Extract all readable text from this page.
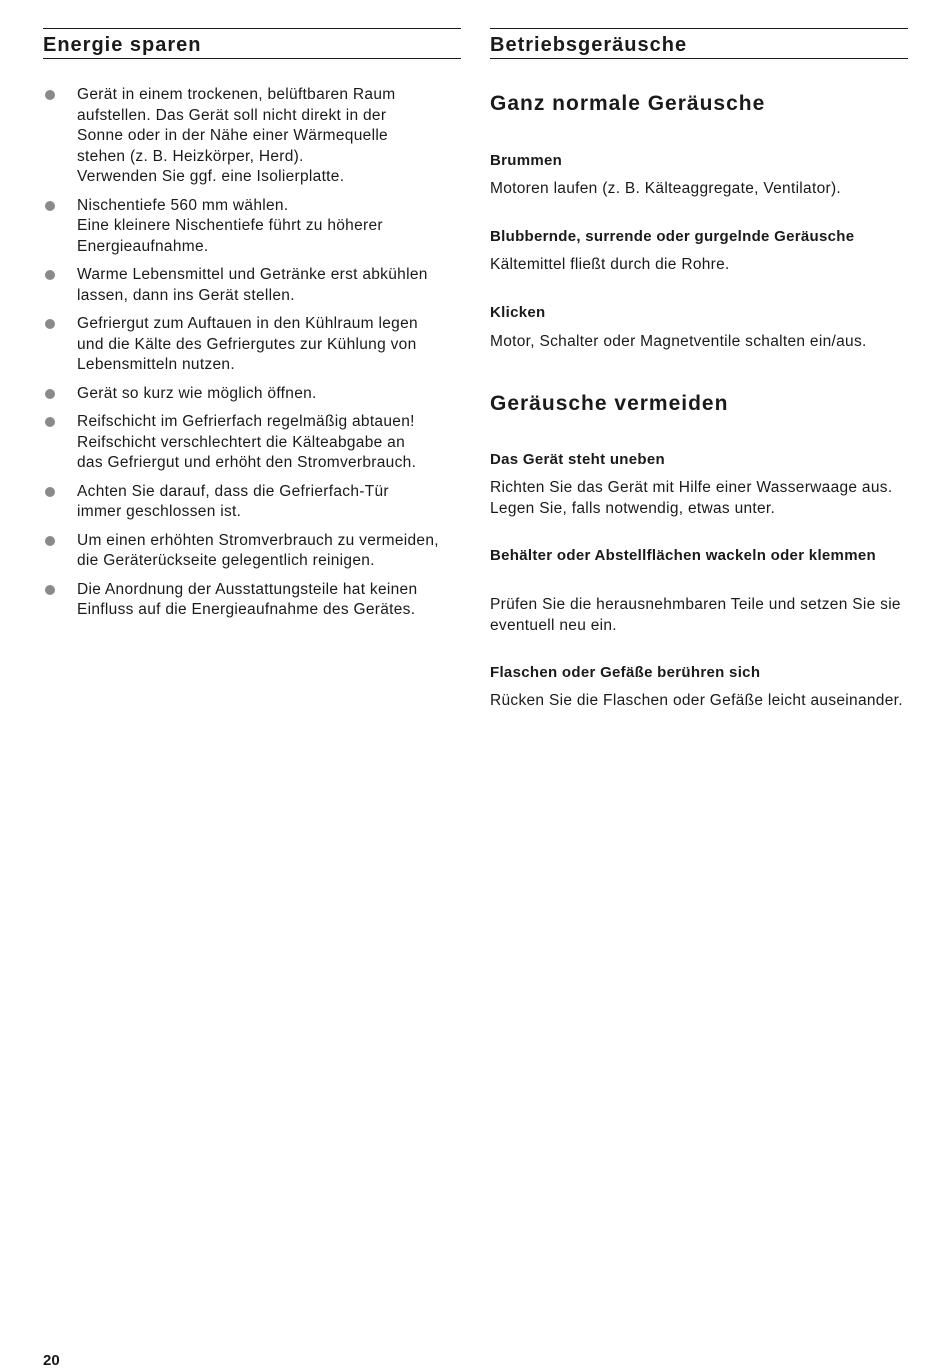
Energie sparen
Gerät in einem trockenen, belüftbaren Raum
aufstellen. Das Gerät soll nicht direkt in der
Sonne oder in der Nähe einer Wärmequelle
stehen (z. B. Heizkörper, Herd).
Verwenden Sie ggf. eine Isolierplatte.
Nischentiefe 560 mm wählen.
Eine kleinere Nischentiefe führt zu höherer
Energieaufnahme.
Warme Lebensmittel und Getränke erst abkühlen
lassen, dann ins Gerät stellen.
Gefriergut zum Auftauen in den Kühlraum legen
und die Kälte des Gefriergutes zur Kühlung von
Lebensmitteln nutzen.
Gerät so kurz wie möglich öffnen.
Reifschicht im Gefrierfach regelmäßig abtauen!
Reifschicht verschlechtert die Kälteabgabe an
das Gefriergut und erhöht den Stromverbrauch.
Achten Sie darauf, dass die Gefrierfach-Tür
immer geschlossen ist.
Um einen erhöhten Stromverbrauch zu vermeiden,
die Geräterückseite gelegentlich reinigen.
Die Anordnung der Ausstattungsteile hat keinen
Einfluss auf die Energieaufnahme des Gerätes.
Betriebsgeräusche
Ganz normale Geräusche
Brummen
Motoren laufen (z. B. Kälteaggregate, Ventilator).
Blubbernde, surrende oder gurgelnde Geräusche
Kältemittel fließt durch die Rohre.
Klicken
Motor, Schalter oder Magnetventile schalten ein/aus.
Geräusche vermeiden
Das Gerät steht uneben
Richten Sie das Gerät mit Hilfe einer Wasserwaage aus. Legen Sie, falls notwendig, etwas unter.
Behälter oder Abstellflächen wackeln oder klemmen
Prüfen Sie die herausnehmbaren Teile und setzen Sie sie eventuell neu ein.
Flaschen oder Gefäße berühren sich
Rücken Sie die Flaschen oder Gefäße leicht auseinander.
20
